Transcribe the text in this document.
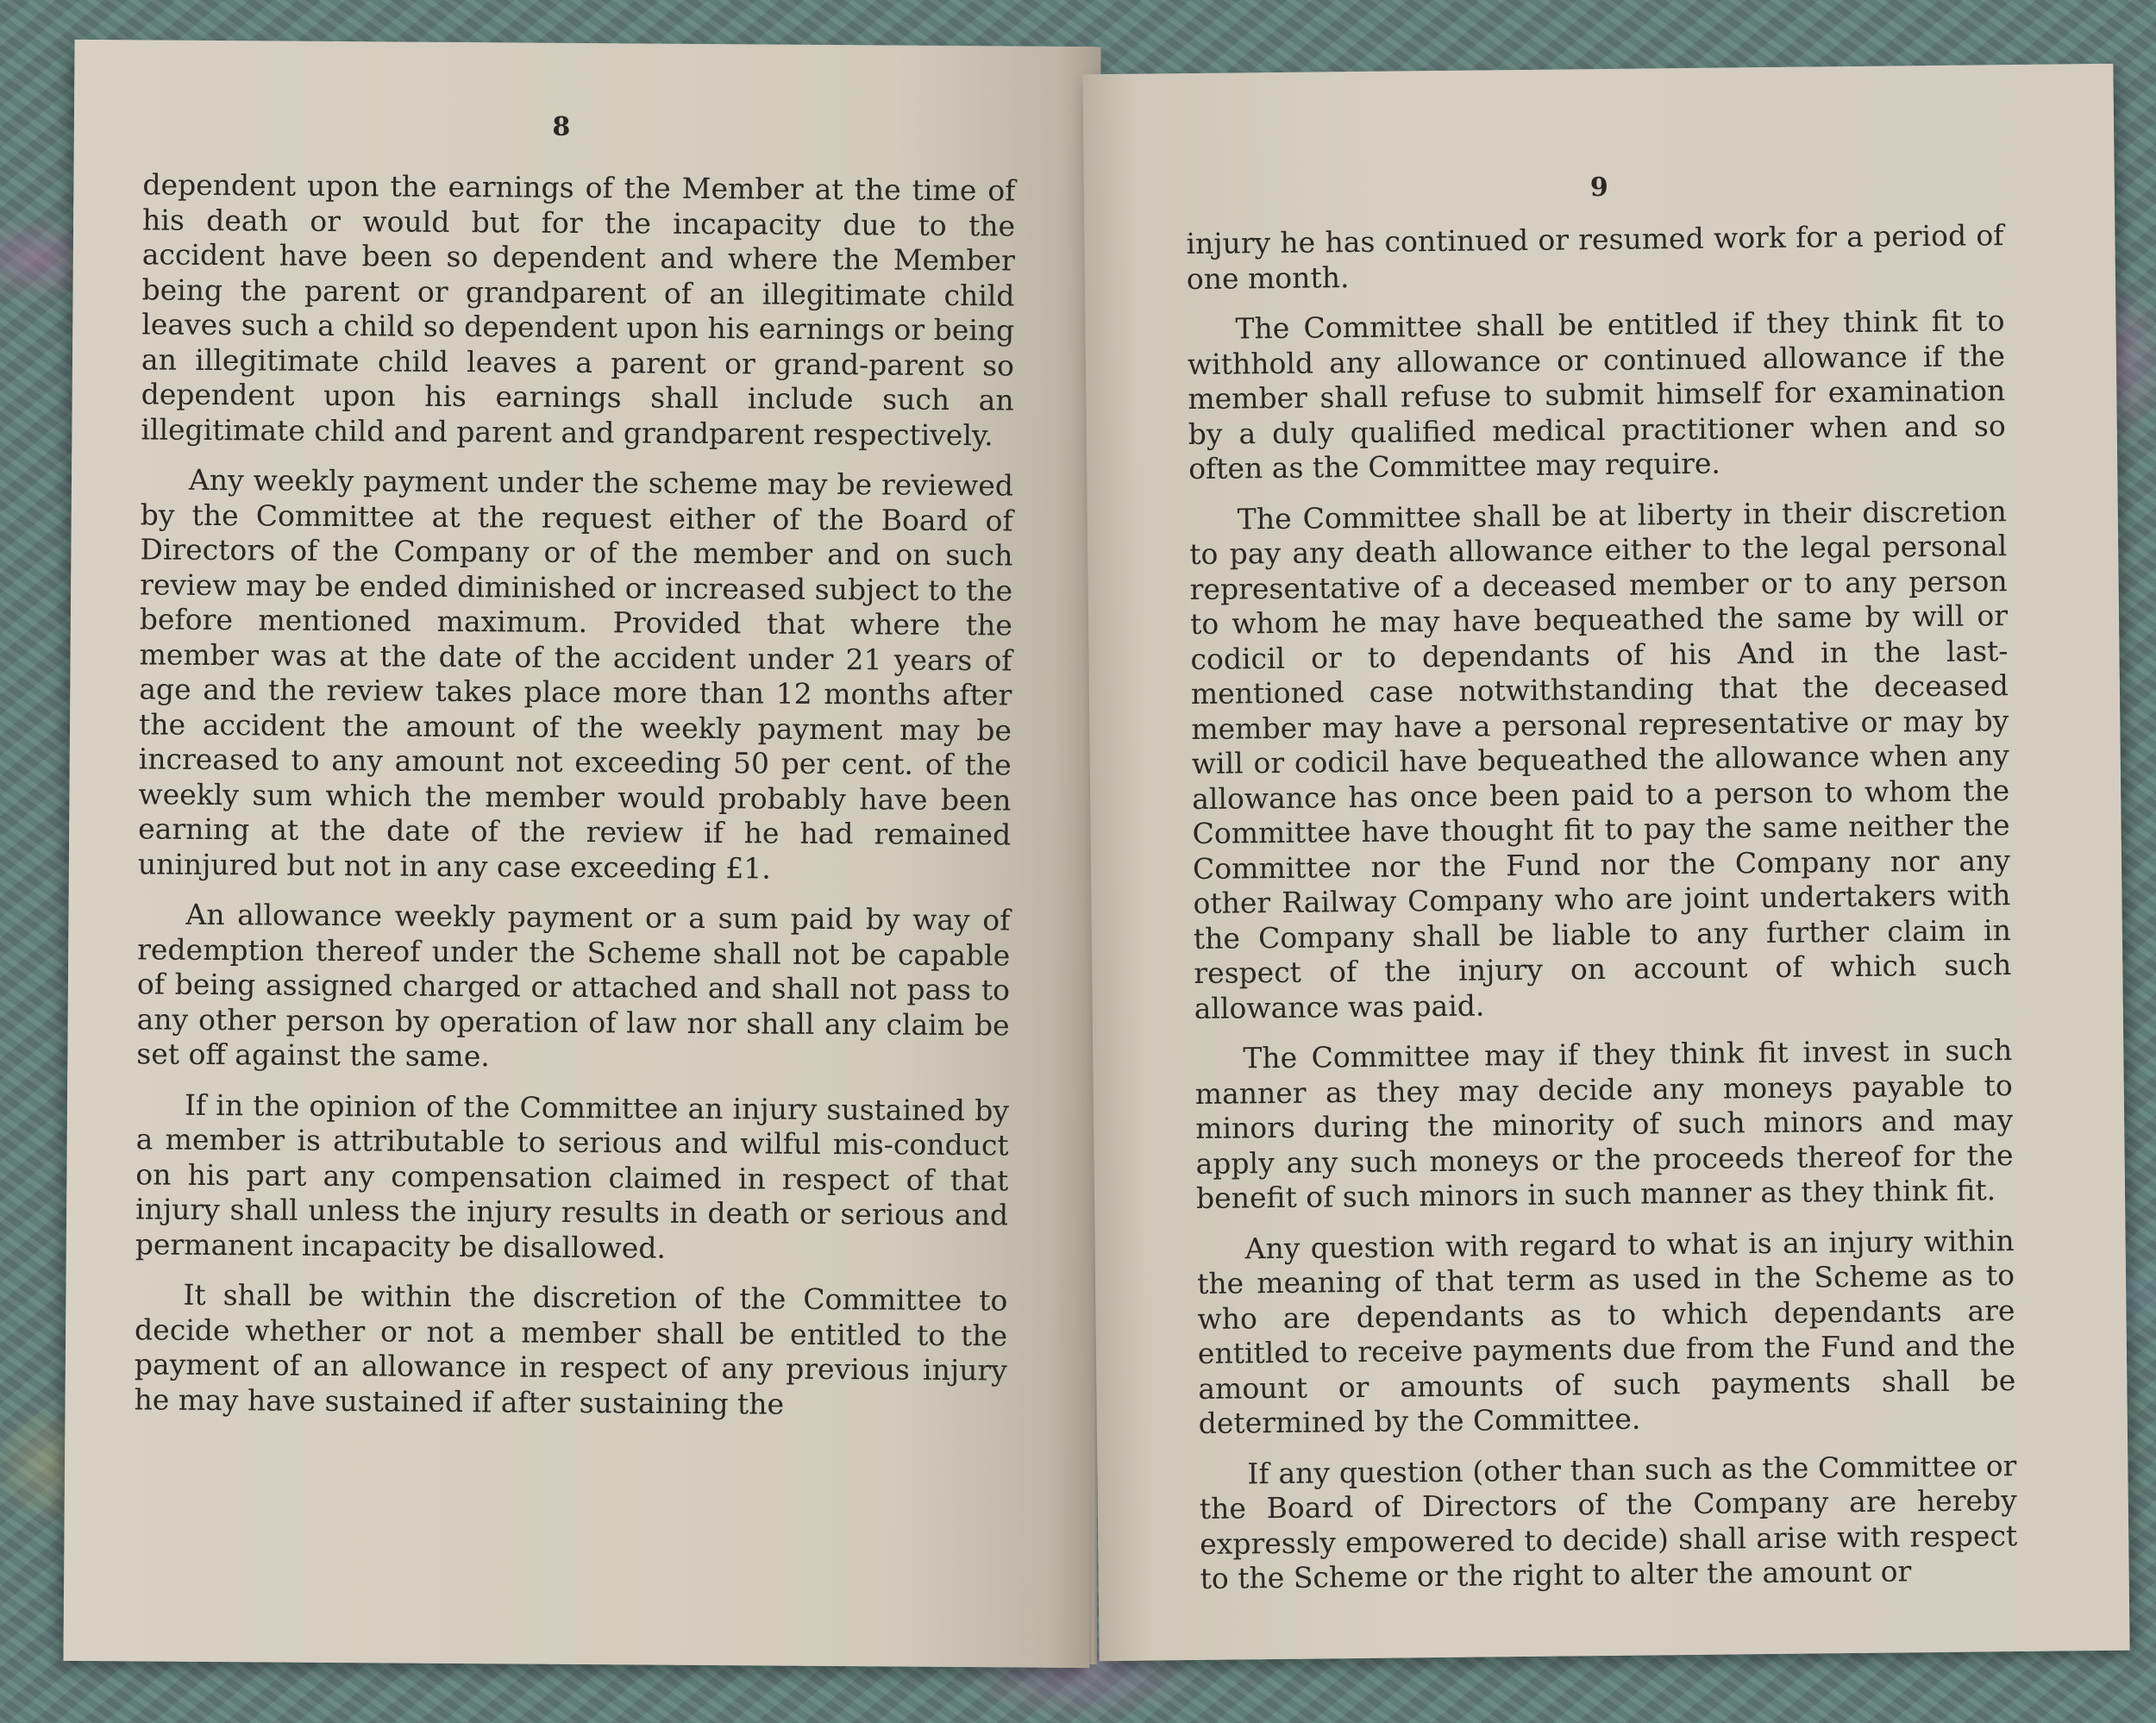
8

dependent upon the earnings of the Member at the time of his death or would but for the incapacity due to the accident have been so dependent and where the Member being the parent or grandparent of an illegitimate child leaves such a child so dependent upon his earnings or being an illegitimate child leaves a parent or grand-parent so dependent upon his earnings shall include such an illegitimate child and parent and grandparent respectively.

Any weekly payment under the scheme may be reviewed by the Committee at the request either of the Board of Directors of the Company or of the member and on such review may be ended diminished or increased subject to the before mentioned maximum. Provided that where the member was at the date of the accident under 21 years of age and the review takes place more than 12 months after the accident the amount of the weekly payment may be increased to any amount not exceeding 50 per cent. of the weekly sum which the member would probably have been earning at the date of the review if he had remained uninjured but not in any case exceeding £1.

An allowance weekly payment or a sum paid by way of redemption thereof under the Scheme shall not be capable of being assigned charged or attached and shall not pass to any other person by operation of law nor shall any claim be set off against the same.

If in the opinion of the Committee an injury sustained by a member is attributable to serious and wilful mis-conduct on his part any compensation claimed in respect of that injury shall unless the injury results in death or serious and permanent incapacity be disallowed.

It shall be within the discretion of the Committee to decide whether or not a member shall be entitled to the payment of an allowance in respect of any previous injury he may have sustained if after sustaining the

9

injury he has continued or resumed work for a period of one month.

The Committee shall be entitled if they think fit to withhold any allowance or continued allowance if the member shall refuse to submit himself for examination by a duly qualified medical practitioner when and so often as the Committee may require.

The Committee shall be at liberty in their discretion to pay any death allowance either to the legal personal representative of a deceased member or to any person to whom he may have bequeathed the same by will or codicil or to dependants of his And in the last-mentioned case notwithstanding that the deceased member may have a personal representative or may by will or codicil have bequeathed the allowance when any allowance has once been paid to a person to whom the Committee have thought fit to pay the same neither the Committee nor the Fund nor the Company nor any other Railway Company who are joint undertakers with the Company shall be liable to any further claim in respect of the injury on account of which such allowance was paid.

The Committee may if they think fit invest in such manner as they may decide any moneys payable to minors during the minority of such minors and may apply any such moneys or the proceeds thereof for the benefit of such minors in such manner as they think fit.

Any question with regard to what is an injury within the meaning of that term as used in the Scheme as to who are dependants as to which dependants are entitled to receive payments due from the Fund and the amount or amounts of such payments shall be determined by the Committee.

If any question (other than such as the Committee or the Board of Directors of the Company are hereby expressly empowered to decide) shall arise with respect to the Scheme or the right to alter the amount or
